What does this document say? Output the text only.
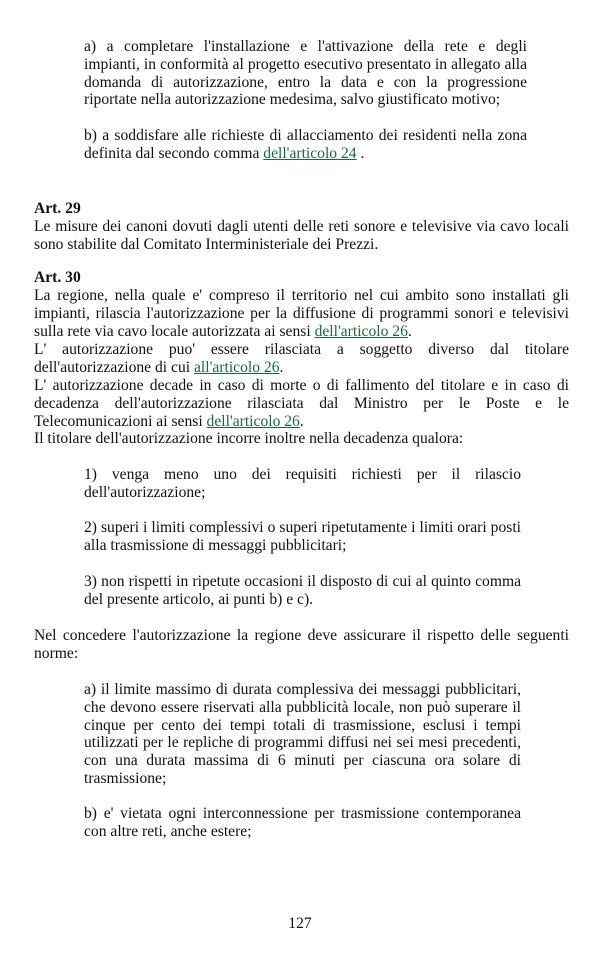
a) a completare l'installazione e l'attivazione della rete e degli impianti, in conformità al progetto esecutivo presentato in allegato alla domanda di autorizzazione, entro la data e con la progressione riportate nella autorizzazione medesima, salvo giustificato motivo;
b) a soddisfare alle richieste di allacciamento dei residenti nella zona definita dal secondo comma dell'articolo 24 .
Art. 29
Le misure dei canoni dovuti dagli utenti delle reti sonore e televisive via cavo locali sono stabilite dal Comitato Interministeriale dei Prezzi.
Art. 30
La regione, nella quale e' compreso il territorio nel cui ambito sono installati gli impianti, rilascia l'autorizzazione per la diffusione di programmi sonori e televisivi sulla rete via cavo locale autorizzata ai sensi dell'articolo 26.
L' autorizzazione puo' essere rilasciata a soggetto diverso dal titolare dell'autorizzazione di cui all'articolo 26.
L' autorizzazione decade in caso di morte o di fallimento del titolare e in caso di decadenza dell'autorizzazione rilasciata dal Ministro per le Poste e le Telecomunicazioni ai sensi dell'articolo 26.
Il titolare dell'autorizzazione incorre inoltre nella decadenza qualora:
1) venga meno uno dei requisiti richiesti per il rilascio dell'autorizzazione;
2) superi i limiti complessivi o superi ripetutamente i limiti orari posti alla trasmissione di messaggi pubblicitari;
3) non rispetti in ripetute occasioni il disposto di cui al quinto comma del presente articolo, ai punti b) e c).
Nel concedere l'autorizzazione la regione deve assicurare il rispetto delle seguenti norme:
a) il limite massimo di durata complessiva dei messaggi pubblicitari, che devono essere riservati alla pubblicità locale, non può superare il cinque per cento dei tempi totali di trasmissione, esclusi i tempi utilizzati per le repliche di programmi diffusi nei sei mesi precedenti, con una durata massima di 6 minuti per ciascuna ora solare di trasmissione;
b) e' vietata ogni interconnessione per trasmissione contemporanea con altre reti, anche estere;
127
